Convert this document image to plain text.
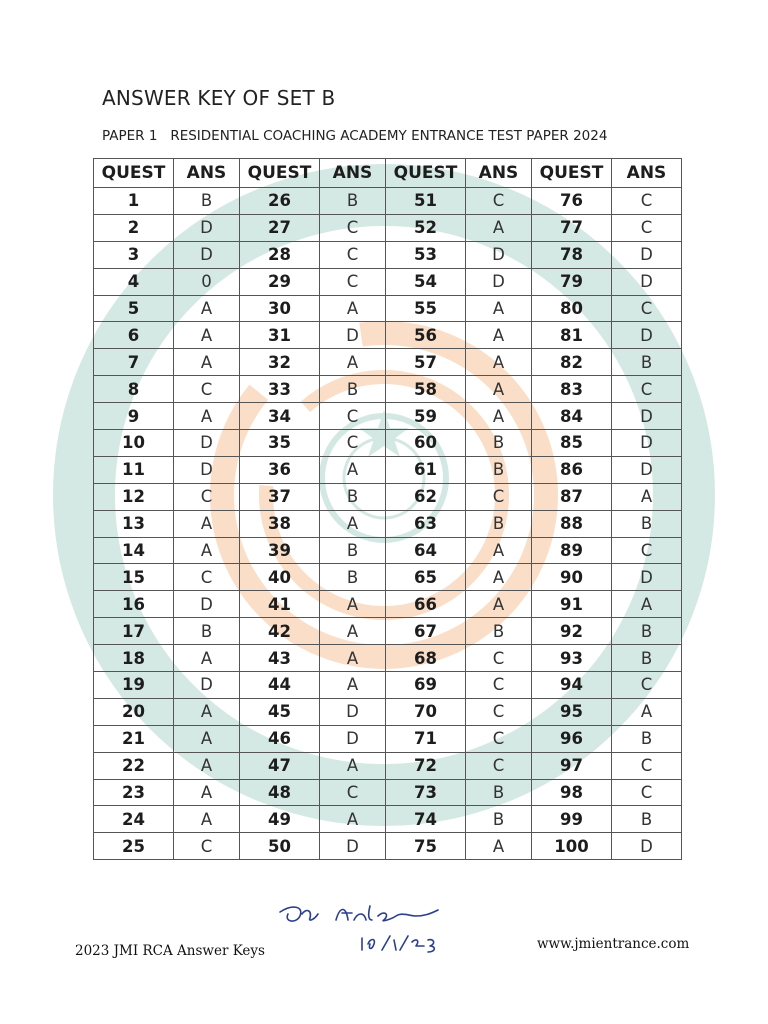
ANSWER KEY OF SET B

PAPER 1   RESIDENTIAL COACHING ACADEMY ENTRANCE TEST PAPER 2024

QUEST	ANS	QUEST	ANS	QUEST	ANS	QUEST	ANS
1	B	26	B	51	C	76	C
2	D	27	C	52	A	77	C
3	D	28	C	53	D	78	D
4	0	29	C	54	D	79	D
5	A	30	A	55	A	80	C
6	A	31	D	56	A	81	D
7	A	32	A	57	A	82	B
8	C	33	B	58	A	83	C
9	A	34	C	59	A	84	D
10	D	35	C	60	B	85	D
11	D	36	A	61	B	86	D
12	C	37	B	62	C	87	A
13	A	38	A	63	B	88	B
14	A	39	B	64	A	89	C
15	C	40	B	65	A	90	D
16	D	41	A	66	A	91	A
17	B	42	A	67	B	92	B
18	A	43	A	68	C	93	B
19	D	44	A	69	C	94	C
20	A	45	D	70	C	95	A
21	A	46	D	71	C	96	B
22	A	47	A	72	C	97	C
23	A	48	C	73	B	98	C
24	A	49	A	74	B	99	B
25	C	50	D	75	A	100	D

2023 JMI RCA Answer Keys	www.jmientrance.com
